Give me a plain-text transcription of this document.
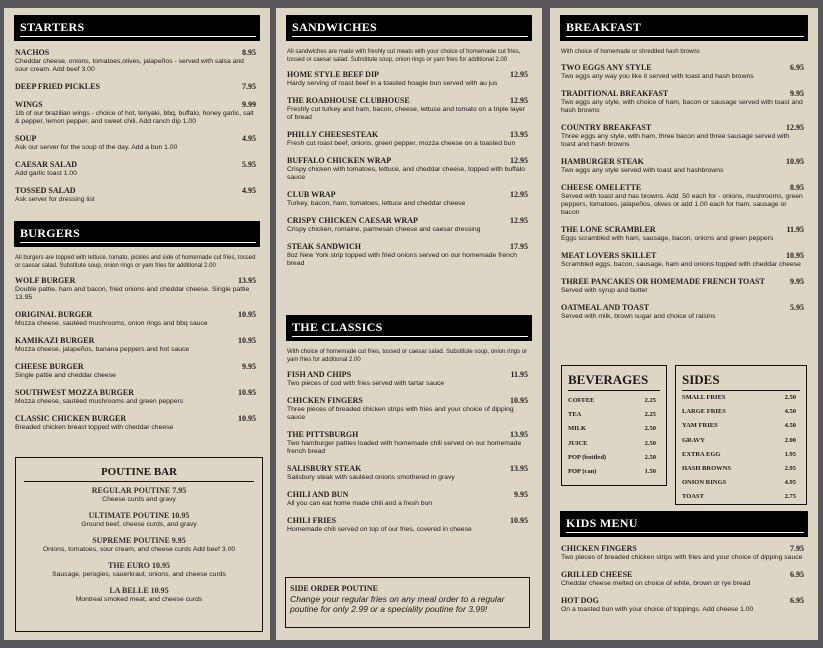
STARTERS
NACHOS	8.95
Cheddar cheese, onions, tomatoes,olives, jalapeños - served with salsa and sour cream. Add beef 3.00
DEEP FRIED PICKLES	7.95
WINGS	9.99
1lb of our brazilian wings - choice of hot, teriyaki, bbq, buffalo, honey garlic, salt & pepper, lemon pepper, and sweet chili. Add ranch dip 1.00
SOUP	4.95
Ask our server for the soup of the day. Add a bun 1.00
CAESAR SALAD	5.95
Add garlic toast 1.00
TOSSED SALAD	4.95
Ask server for dressing list
BURGERS
All burgers are topped with lettuce, tomato, pickles and side of homemade cut fries, tossed or caesar salad. Substitute soup, onion rings or yam fries for additional 2.00
WOLF BURGER	13.95
Double pattie, ham and bacon, fried onions and cheddar cheese. Single pattie 13.95
ORIGINAL BURGER	10.95
Mozza cheese, sautéed mushrooms, onion rings and bbq sauce
KAMIKAZI BURGER	10.95
Mozza cheese, jalapeños, banana peppers and hot sauce
CHEESE BURGER	9.95
Single pattie and cheddar cheese
SOUTHWEST MOZZA BURGER	10.95
Mozza cheese, sautéed mushrooms and green peppers
CLASSIC CHICKEN BURGER	10.95
Breaded chicken breast topped with cheddar cheese
POUTINE BAR
REGULAR POUTINE 7.95
Cheese curds and gravy
ULTIMATE POUTINE 10.95
Ground beef, cheese curds, and gravy
SUPREME POUTINE 9.95
Onions, tomatoes, sour cream, and cheese curds Add beef 3.00
THE EURO 10.95
Sausage, perogies, sauerkraut, onions, and cheese curds
LA BELLE 10.95
Montreal smoked meat, and cheese curds
SANDWICHES
All sandwiches are made with freshly cut meats with your choice of homemade cut fries, tossed or caesar salad. Substitute soup, onion rings or yam fries for additional 2.00
HOME STYLE BEEF DIP	12.95
Hardy serving of roast beef in a toasted hoagie bun served with au jus
THE ROADHOUSE CLUBHOUSE	12.95
Freshly cut turkey and ham, bacon, cheese, lettuce and tomato on a triple layer of bread
PHILLY CHEESESTEAK	13.95
Fresh cut roast beef, onions, green pepper, mozza cheese on a toasted bun
BUFFALO CHICKEN WRAP	12.95
Crispy chicken with tomatoes, lettuce, and cheddar cheese, topped with buffalo sauce
CLUB WRAP	12.95
Turkey, bacon, ham, tomatoes, lettuce and cheddar cheese
CRISPY CHICKEN CAESAR WRAP	12.95
Crispy chicken, romaine, parmesan cheese and caesar dressing
STEAK SANDWICH	17.95
8oz New York strip topped with fried onions served on our homemade french bread
THE CLASSICS
With choice of homemade cut fries, tossed or caesar salad. Substitute soup, onion rings or yam fries for additional 2.00
FISH AND CHIPS	11.95
Two pieces of cod with fries served with tartar sauce
CHICKEN FINGERS	10.95
Three pieces of breaded chicken strips with fries and your choice of dipping sauce
THE PITTSBURGH	13.95
Two hamburger patties loaded with homemade chili served on our homemade french bread
SALISBURY STEAK	13.95
Salisbury steak with sautéed onions smothered in gravy
CHILI AND BUN	9.95
All you can eat home made chili and a fresh bun
CHILI FRIES	10.95
Homemade chili served on top of our fries, covered in cheese
SIDE ORDER POUTINE
Change your regular fries on any meal order to a regular poutine for only 2.99 or a speciality poutine for 3.99!
BREAKFAST
With choice of homemade or shredded hash browns
TWO EGGS ANY STYLE	6.95
Two eggs any way you like it served with toast and hash browns
TRADITIONAL BREAKFAST	9.95
Two eggs any style, with choice of ham, bacon or sausage served with toast and hash browns
COUNTRY BREAKFAST	12.95
Three eggs any style, with ham, three bacon and three sausage served with toast and hash browns
HAMBURGER STEAK	10.95
Two eggs any style served with toast and hashbrowns
CHEESE OMELETTE	8.95
Served with toast and has browns. Add .50 each for - onions, mushrooms, green peppers, tomatoes, jalapeños, olives or add 1.00 each for ham, sausage or bacon
THE LONE SCRAMBLER	11.95
Eggs scrambled with ham, sausage, bacon, onions and green peppers
MEAT LOVERS SKILLET	10.95
Scrambled eggs, bacon, sausage, ham and onions topped with cheddar cheese
THREE PANCAKES OR HOMEMADE FRENCH TOAST	9.95
Served with syrup and butter
OATMEAL AND TOAST	5.95
Served with milk, brown sugar and choice of raisins
BEVERAGES
COFFEE	2.25
TEA	2.25
MILK	2.50
JUICE	2.50
POP (bottled)	2.50
POP (can)	1.50
SIDES
SMALL FRIES	2.50
LARGE FRIES	4.50
YAM FRIES	4.50
GRAVY	2.00
EXTRA EGG	1.95
HASH BROWNS	2.95
ONION RINGS	4.95
TOAST	2.75
KIDS MENU
CHICKEN FINGERS	7.95
Two pieces of breaded chicken strips with fries and your choice of dipping sauce
GRILLED CHEESE	6.95
Cheddar cheese melted on choice of white, brown or rye bread
HOT DOG	6.95
On a toasted bun with your choice of toppings. Add cheese 1.00
